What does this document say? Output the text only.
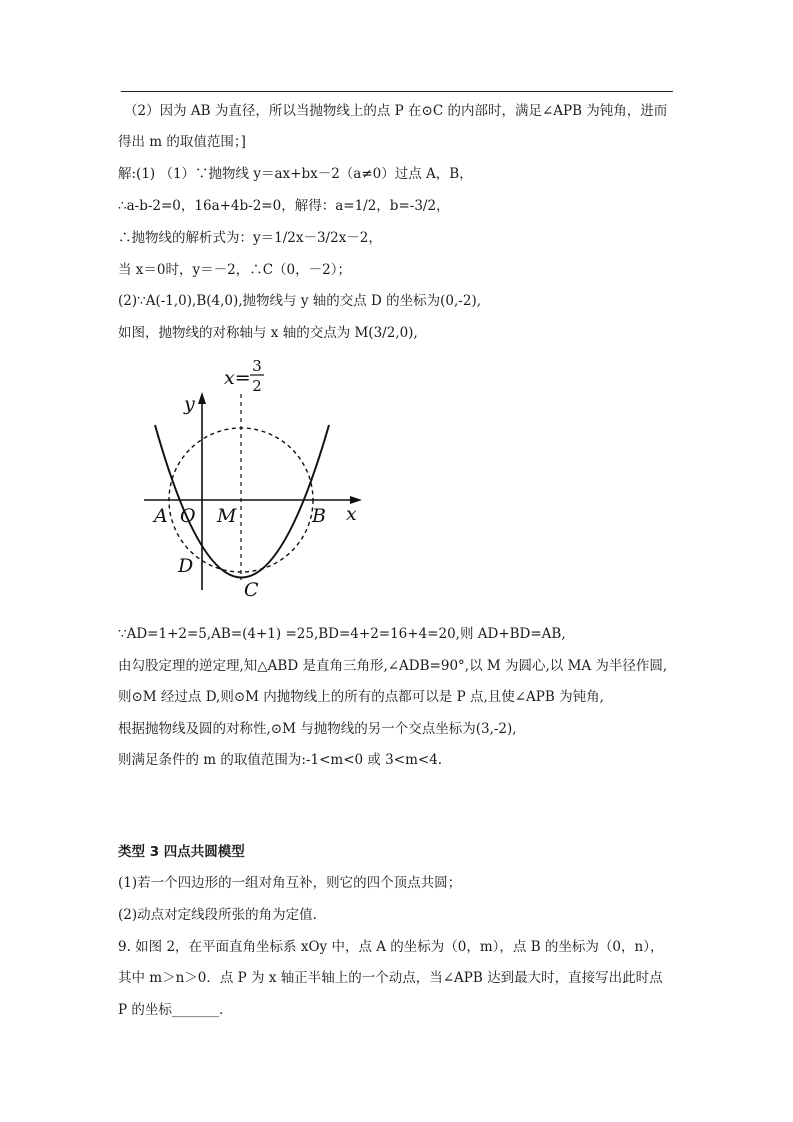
（2）因为 AB 为直径，所以当抛物线上的点 P 在⊙C 的内部时，满足∠APB 为钝角，进而
得出 m 的取值范围；]
解:(1) （1）∵抛物线 y＝ax+bx－2（a≠0）过点 A，B，
∴a-b-2=0，16a+4b-2=0，解得：a=1/2，b=-3/2，
∴抛物线的解析式为：y＝1/2x－3/2x－2，
当 x＝0时，y＝－2，∴C（0，－2）；
(2)∵A(-1,0),B(4,0),抛物线与 y 轴的交点 D 的坐标为(0,-2),
如图，抛物线的对称轴与 x 轴的交点为 M(3/2,0),
y
x
A O M	B
D
C
x=
3
2
∵AD=1+2=5,AB=(4+1) =25,BD=4+2=16+4=20,则 AD+BD=AB,
由勾股定理的逆定理,知△ABD 是直角三角形,∠ADB=90°,以 M 为圆心,以 MA 为半径作圆,
则⊙M 经过点 D,则⊙M 内抛物线上的所有的点都可以是 P 点,且使∠APB 为钝角,
根据抛物线及圆的对称性,⊙M 与抛物线的另一个交点坐标为(3,-2),
则满足条件的 m 的取值范围为:-1<m<0 或 3<m<4.
类型 3 四点共圆模型
(1)若一个四边形的一组对角互补，则它的四个顶点共圆；
(2)动点对定线段所张的角为定值.
9. 如图 2，在平面直角坐标系 xOy 中，点 A 的坐标为（0，m），点 B 的坐标为（0，n），
其中 m＞n＞0．点 P 为 x 轴正半轴上的一个动点，当∠APB 达到最大时，直接写出此时点
P 的坐标_______．
